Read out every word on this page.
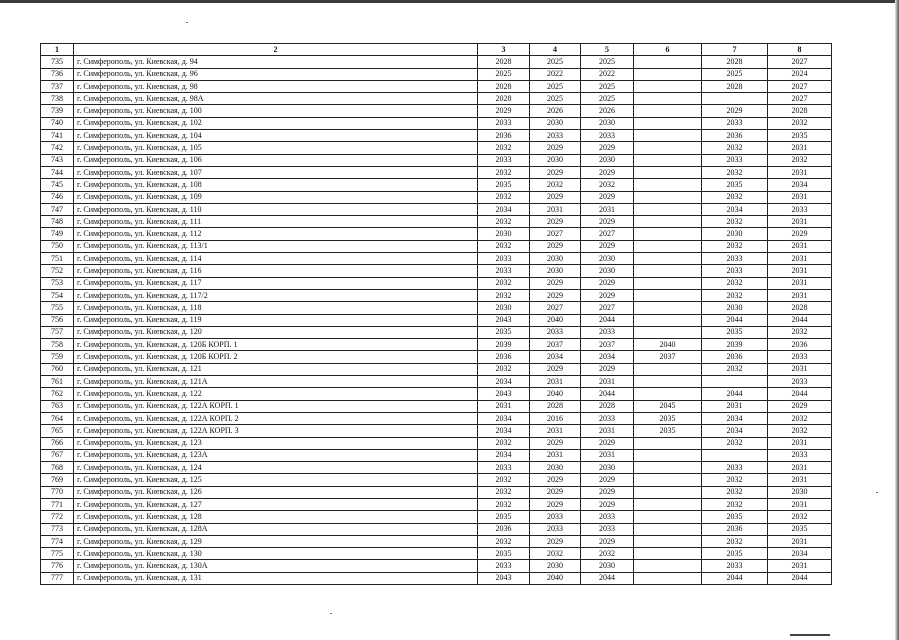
1	2	3	4	5	6	7	8
735	г. Симферополь, ул. Киевская, д. 94	2028	2025	2025		2028	2027
736	г. Симферополь, ул. Киевская, д. 96	2025	2022	2022		2025	2024
737	г. Симферополь, ул. Киевская, д. 98	2028	2025	2025		2028	2027
738	г. Симферополь, ул. Киевская, д. 98А	2028	2025	2025			2027
739	г. Симферополь, ул. Киевская, д. 100	2029	2026	2026		2029	2028
740	г. Симферополь, ул. Киевская, д. 102	2033	2030	2030		2033	2032
741	г. Симферополь, ул. Киевская, д. 104	2036	2033	2033		2036	2035
742	г. Симферополь, ул. Киевская, д. 105	2032	2029	2029		2032	2031
743	г. Симферополь, ул. Киевская, д. 106	2033	2030	2030		2033	2032
744	г. Симферополь, ул. Киевская, д. 107	2032	2029	2029		2032	2031
745	г. Симферополь, ул. Киевская, д. 108	2035	2032	2032		2035	2034
746	г. Симферополь, ул. Киевская, д. 109	2032	2029	2029		2032	2031
747	г. Симферополь, ул. Киевская, д. 110	2034	2031	2031		2034	2033
748	г. Симферополь, ул. Киевская, д. 111	2032	2029	2029		2032	2031
749	г. Симферополь, ул. Киевская, д. 112	2030	2027	2027		2030	2029
750	г. Симферополь, ул. Киевская, д. 113/1	2032	2029	2029		2032	2031
751	г. Симферополь, ул. Киевская, д. 114	2033	2030	2030		2033	2031
752	г. Симферополь, ул. Киевская, д. 116	2033	2030	2030		2033	2031
753	г. Симферополь, ул. Киевская, д. 117	2032	2029	2029		2032	2031
754	г. Симферополь, ул. Киевская, д. 117/2	2032	2029	2029		2032	2031
755	г. Симферополь, ул. Киевская, д. 118	2030	2027	2027		2030	2028
756	г. Симферополь, ул. Киевская, д. 119	2043	2040	2044		2044	2044
757	г. Симферополь, ул. Киевская, д. 120	2035	2033	2033		2035	2032
758	г. Симферополь, ул. Киевская, д. 120Б КОРП. 1	2039	2037	2037	2040	2039	2036
759	г. Симферополь, ул. Киевская, д. 120Б КОРП. 2	2036	2034	2034	2037	2036	2033
760	г. Симферополь, ул. Киевская, д. 121	2032	2029	2029		2032	2031
761	г. Симферополь, ул. Киевская, д. 121А	2034	2031	2031			2033
762	г. Симферополь, ул. Киевская, д. 122	2043	2040	2044		2044	2044
763	г. Симферополь, ул. Киевская, д. 122А КОРП. 1	2031	2028	2028	2045	2031	2029
764	г. Симферополь, ул. Киевская, д. 122А КОРП. 2	2034	2016	2033	2035	2034	2032
765	г. Симферополь, ул. Киевская, д. 122А КОРП. 3	2034	2031	2031	2035	2034	2032
766	г. Симферополь, ул. Киевская, д. 123	2032	2029	2029		2032	2031
767	г. Симферополь, ул. Киевская, д. 123А	2034	2031	2031			2033
768	г. Симферополь, ул. Киевская, д. 124	2033	2030	2030		2033	2031
769	г. Симферополь, ул. Киевская, д. 125	2032	2029	2029		2032	2031
770	г. Симферополь, ул. Киевская, д. 126	2032	2029	2029		2032	2030
771	г. Симферополь, ул. Киевская, д. 127	2032	2029	2029		2032	2031
772	г. Симферополь, ул. Киевская, д. 128	2035	2033	2033		2035	2032
773	г. Симферополь, ул. Киевская, д. 128А	2036	2033	2033		2036	2035
774	г. Симферополь, ул. Киевская, д. 129	2032	2029	2029		2032	2031
775	г. Симферополь, ул. Киевская, д. 130	2035	2032	2032		2035	2034
776	г. Симферополь, ул. Киевская, д. 130А	2033	2030	2030		2033	2031
777	г. Симферополь, ул. Киевская, д. 131	2043	2040	2044		2044	2044
